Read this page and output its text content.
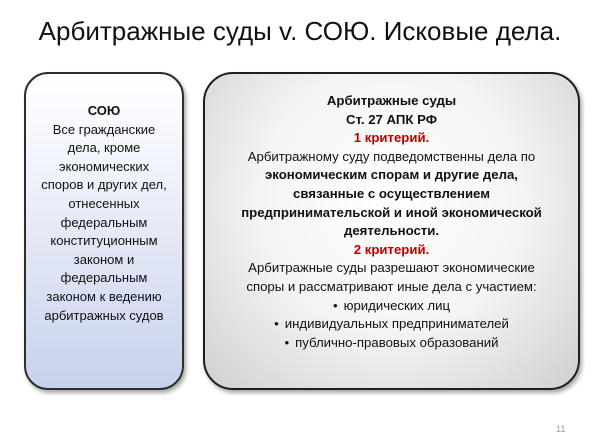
Арбитражные суды v. СОЮ. Исковые дела.
СОЮ
Все гражданские
дела, кроме
экономических
споров и других дел,
отнесенных
федеральным
конституционным
законом и
федеральным
законом к ведению
арбитражных судов
Арбитражные суды
Ст. 27 АПК РФ
1 критерий.
Арбитражному суду подведомственны дела по
экономическим спорам и другие дела,
связанные с осуществлением
предпринимательской и иной экономической
деятельности.
2 критерий.
Арбитражные суды разрешают экономические
споры и рассматривают иные дела с участием:
• юридических лиц
• индивидуальных предпринимателей
• публично-правовых образований
11
